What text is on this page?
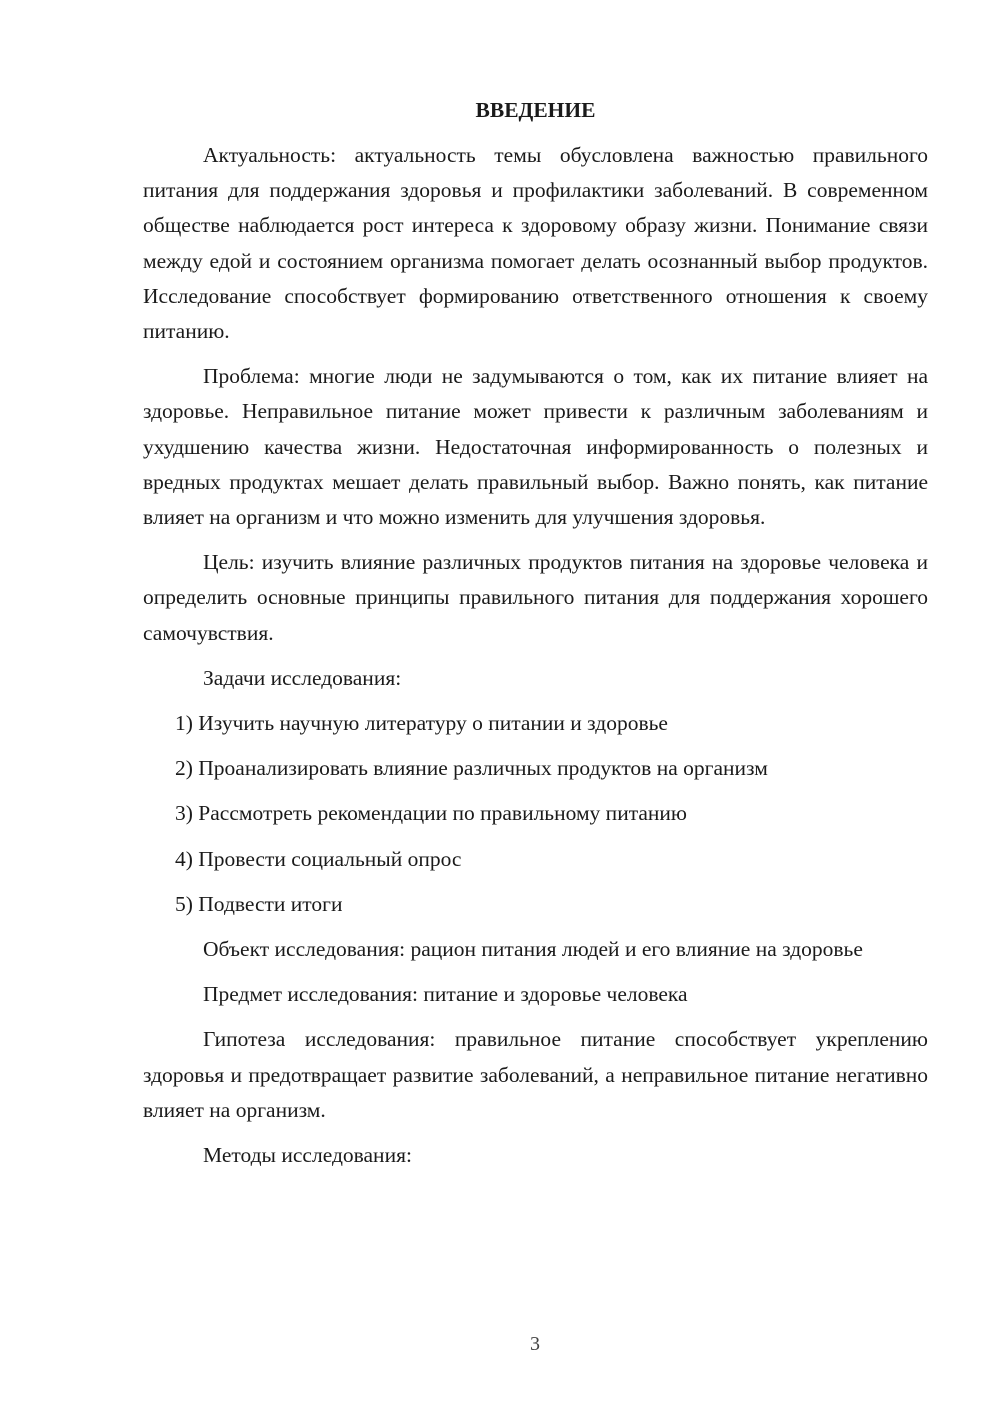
ВВЕДЕНИЕ

Актуальность: актуальность темы обусловлена важностью правильного питания для поддержания здоровья и профилактики заболеваний. В современном обществе наблюдается рост интереса к здоровому образу жизни. Понимание связи между едой и состоянием организма помогает делать осознанный выбор продуктов. Исследование способствует формированию ответственного отношения к своему питанию.

Проблема: многие люди не задумываются о том, как их питание влияет на здоровье. Неправильное питание может привести к различным заболеваниям и ухудшению качества жизни. Недостаточная информированность о полезных и вредных продуктах мешает делать правильный выбор. Важно понять, как питание влияет на организм и что можно изменить для улучшения здоровья.

Цель: изучить влияние различных продуктов питания на здоровье человека и определить основные принципы правильного питания для поддержания хорошего самочувствия.

Задачи исследования:

1) Изучить научную литературу о питании и здоровье
2) Проанализировать влияние различных продуктов на организм
3) Рассмотреть рекомендации по правильному питанию
4) Провести социальный опрос
5) Подвести итоги

Объект исследования: рацион питания людей и его влияние на здоровье

Предмет исследования: питание и здоровье человека

Гипотеза исследования: правильное питание способствует укреплению здоровья и предотвращает развитие заболеваний, а неправильное питание негативно влияет на организм.

Методы исследования:

3
